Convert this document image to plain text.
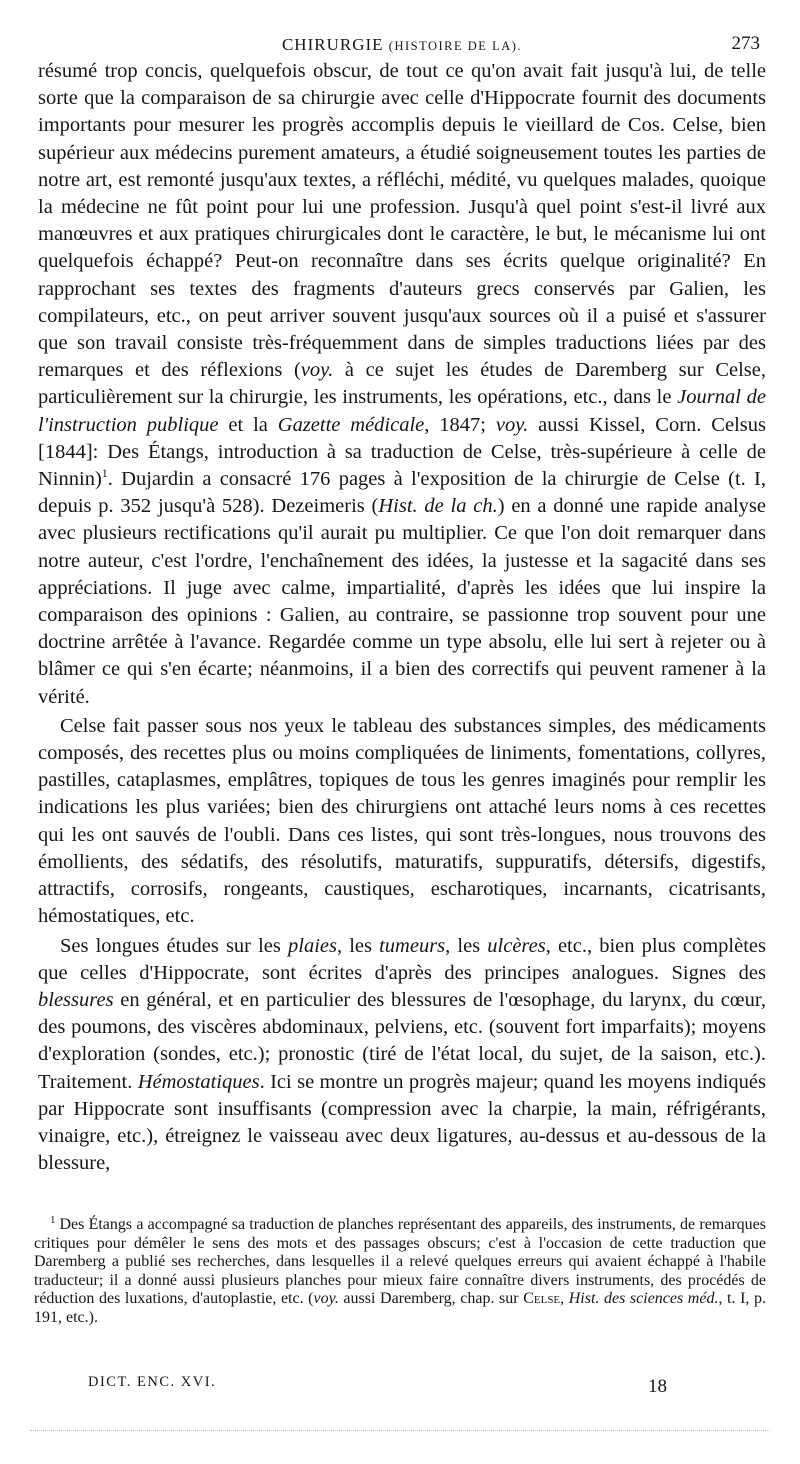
CHIRURGIE (HISTOIRE DE LA).	273

résumé trop concis, quelquefois obscur, de tout ce qu'on avait fait jusqu'à lui, de telle sorte que la comparaison de sa chirurgie avec celle d'Hippocrate fournit des documents importants pour mesurer les progrès accomplis depuis le vieillard de Cos. Celse, bien supérieur aux médecins purement amateurs, a étudié soigneusement toutes les parties de notre art, est remonté jusqu'aux textes, a réfléchi, médité, vu quelques malades, quoique la médecine ne fût point pour lui une profession. Jusqu'à quel point s'est-il livré aux manœuvres et aux pratiques chirurgicales dont le caractère, le but, le mécanisme lui ont quelquefois échappé? Peut-on reconnaître dans ses écrits quelque originalité? En rapprochant ses textes des fragments d'auteurs grecs conservés par Galien, les compilateurs, etc., on peut arriver souvent jusqu'aux sources où il a puisé et s'assurer que son travail consiste très-fréquemment dans de simples traductions liées par des remarques et des réflexions (voy. à ce sujet les études de Daremberg sur Celse, particulièrement sur la chirurgie, les instruments, les opérations, etc., dans le Journal de l'instruction publique et la Gazette médicale, 1847; voy. aussi Kissel, Corn. Celsus [1844]: Des Étangs, introduction à sa traduction de Celse, très-supérieure à celle de Ninnin)$^1$. Dujardin a consacré 176 pages à l'exposition de la chirurgie de Celse (t. I, depuis p. 352 jusqu'à 528). Dezeimeris (Hist. de la ch.) en a donné une rapide analyse avec plusieurs rectifications qu'il aurait pu multiplier. Ce que l'on doit remarquer dans notre auteur, c'est l'ordre, l'enchaînement des idées, la justesse et la sagacité dans ses appréciations. Il juge avec calme, impartialité, d'après les idées que lui inspire la comparaison des opinions : Galien, au contraire, se passionne trop souvent pour une doctrine arrêtée à l'avance. Regardée comme un type absolu, elle lui sert à rejeter ou à blâmer ce qui s'en écarte; néanmoins, il a bien des correctifs qui peuvent ramener à la vérité.

Celse fait passer sous nos yeux le tableau des substances simples, des médicaments composés, des recettes plus ou moins compliquées de liniments, fomentations, collyres, pastilles, cataplasmes, emplâtres, topiques de tous les genres imaginés pour remplir les indications les plus variées; bien des chirurgiens ont attaché leurs noms à ces recettes qui les ont sauvés de l'oubli. Dans ces listes, qui sont très-longues, nous trouvons des émollients, des sédatifs, des résolutifs, maturatifs, suppuratifs, détersifs, digestifs, attractifs, corrosifs, rongeants, caustiques, escharotiques, incarnants, cicatrisants, hémostatiques, etc.

Ses longues études sur les plaies, les tumeurs, les ulcères, etc., bien plus complètes que celles d'Hippocrate, sont écrites d'après des principes analogues. Signes des blessures en général, et en particulier des blessures de l'œsophage, du larynx, du cœur, des poumons, des viscères abdominaux, pelviens, etc. (souvent fort imparfaits); moyens d'exploration (sondes, etc.); pronostic (tiré de l'état local, du sujet, de la saison, etc.). Traitement. Hémostatiques. Ici se montre un progrès majeur; quand les moyens indiqués par Hippocrate sont insuffisants (compression avec la charpie, la main, réfrigérants, vinaigre, etc.), étreignez le vaisseau avec deux ligatures, au-dessus et au-dessous de la blessure,

$^1$ Des Étangs a accompagné sa traduction de planches représentant des appareils, des instruments, de remarques critiques pour démêler le sens des mots et des passages obscurs; c'est à l'occasion de cette traduction que Daremberg a publié ses recherches, dans lesquelles il a relevé quelques erreurs qui avaient échappé à l'habile traducteur; il a donné aussi plusieurs planches pour mieux faire connaître divers instruments, des procédés de réduction des luxations, d'autoplastie, etc. (voy. aussi Daremberg, chap. sur Celse, Hist. des sciences méd., t. I, p. 191, etc.).

DICT. ENC. XVI.	18
